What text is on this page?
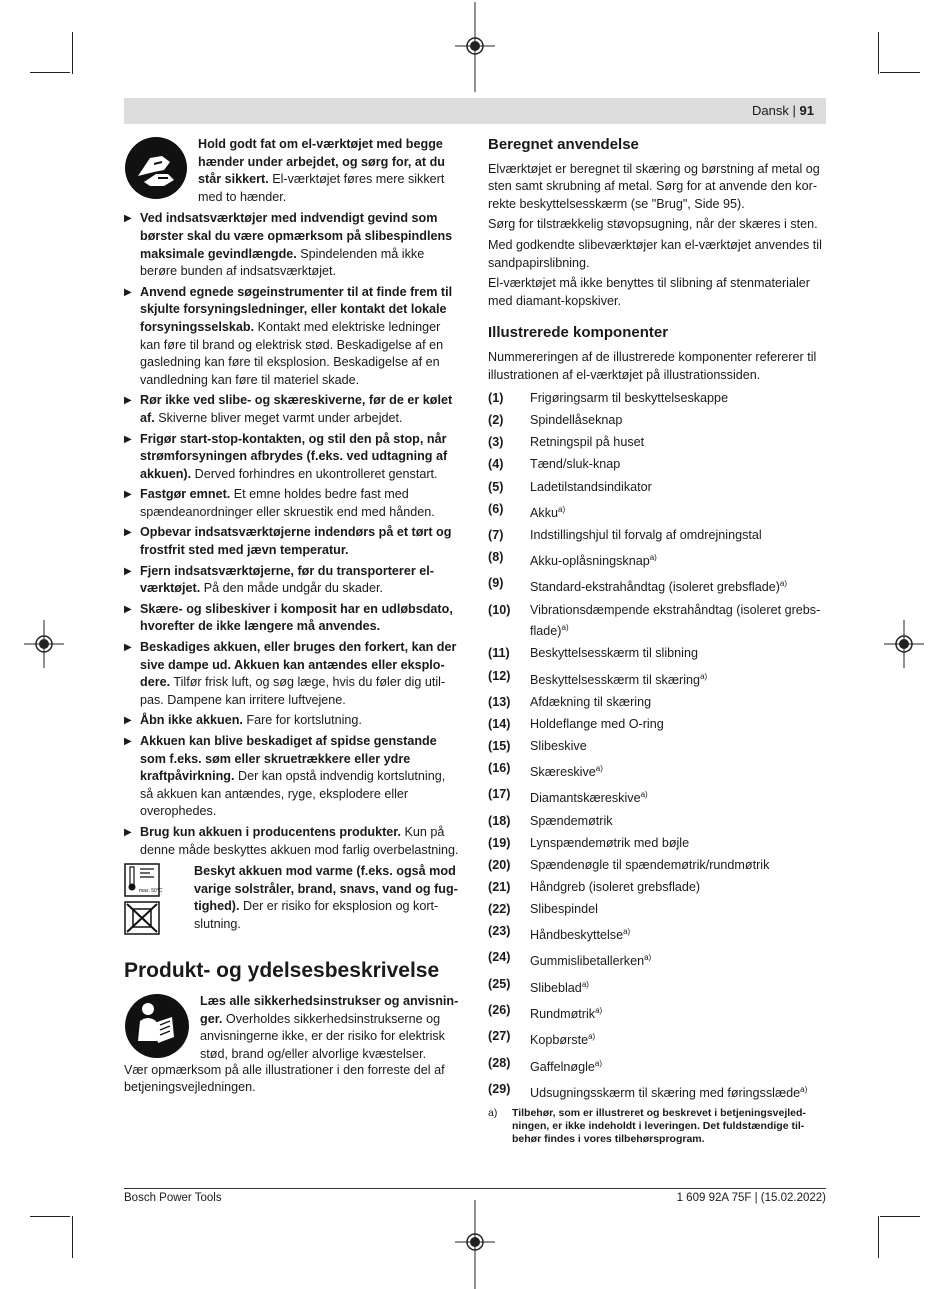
Dansk | 91
Hold godt fat om el-værktøjet med begge hænder under arbejdet, og sørg for, at du står sikkert. El-værktøjet føres mere sikkert med to hænder.
▶ Ved indsatsværktøjer med indvendigt gevind som børster skal du være opmærksom på slibespindlens maksimale gevindlængde. Spindelenden må ikke berøre bunden af indsatsværktøjet.
▶ Anvend egnede søgeinstrumenter til at finde frem til skjulte forsyningsledninger, eller kontakt det lokale forsyningsselskab. Kontakt med elektriske ledninger kan føre til brand og elektrisk stød. Beskadigelse af en gasledning kan føre til eksplosion. Beskadigelse af en vandledning kan føre til materiel skade.
▶ Rør ikke ved slibe- og skæreskiverne, før de er kølet af. Skiverne bliver meget varmt under arbejdet.
▶ Frigør start-stop-kontakten, og stil den på stop, når strømforsyningen afbrydes (f.eks. ved udtagning af akkuen). Derved forhindres en ukontrolleret genstart.
▶ Fastgør emnet. Et emne holdes bedre fast med spændeanordninger eller skruestik end med hånden.
▶ Opbevar indsatsværktøjerne indendørs på et tørt og frostfrit sted med jævn temperatur.
▶ Fjern indsatsværktøjerne, før du transporterer el-værktøjet. På den måde undgår du skader.
▶ Skære- og slibeskiver i komposit har en udløbsdato, hvorefter de ikke længere må anvendes.
▶ Beskadiges akkuen, eller bruges den forkert, kan der sive dampe ud. Akkuen kan antændes eller eksplodere. Tilfør frisk luft, og søg læge, hvis du føler dig utilpas. Dampene kan irritere luftvejene.
▶ Åbn ikke akkuen. Fare for kortslutning.
▶ Akkuen kan blive beskadiget af spidse genstande som f.eks. søm eller skruetrækkere eller ydre kraftpåvirkning. Der kan opstå indvendig kortslutning, så akkuen kan antændes, ryge, eksplodere eller overophedes.
▶ Brug kun akkuen i producentens produkter. Kun på denne måde beskyttes akkuen mod farlig overbelastning.
max. 50°C
Beskyt akkuen mod varme (f.eks. også mod varige solstråler, brand, snavs, vand og fugtighed). Der er risiko for eksplosion og kortslutning.
Produkt- og ydelsesbeskrivelse
Læs alle sikkerhedsinstrukser og anvisninger. Overholdes sikkerhedsinstrukserne og anvisningerne ikke, er der risiko for elektrisk stød, brand og/eller alvorlige kvæstelser.
Vær opmærksom på alle illustrationer i den forreste del af betjeningsvejledningen.
Beregnet anvendelse
Elværktøjet er beregnet til skæring og børstning af metal og sten samt skrubning af metal. Sørg for at anvende den korrekte beskyttelsesskærm (se "Brug", Side 95).
Sørg for tilstrækkelig støvopsugning, når der skæres i sten.
Med godkendte slibeværktøjer kan el-værktøjet anvendes til sandpapirslibning.
El-værktøjet må ikke benyttes til slibning af stenmaterialer med diamant-kopskiver.
Illustrerede komponenter
Nummereringen af de illustrerede komponenter refererer til illustrationen af el-værktøjet på illustrationssiden.
(1)	Frigøringsarm til beskyttelseskappe
(2)	Spindellåseknap
(3)	Retningspil på huset
(4)	Tænd/sluk-knap
(5)	Ladetilstandsindikator
(6)	Akku$^{a)}$
(7)	Indstillingshjul til forvalg af omdrejningstal
(8)	Akku-oplåsningsknap$^{a)}$
(9)	Standard-ekstrahåndtag (isoleret grebsflade)$^{a)}$
(10)	Vibrationsdæmpende ekstrahåndtag (isoleret grebsflade)$^{a)}$
(11)	Beskyttelsesskærm til slibning
(12)	Beskyttelsesskærm til skæring$^{a)}$
(13)	Afdækning til skæring
(14)	Holdeflange med O-ring
(15)	Slibeskive
(16)	Skæreskive$^{a)}$
(17)	Diamantskæreskive$^{a)}$
(18)	Spændemøtrik
(19)	Lynspændemøtrik med bøjle
(20)	Spændenøgle til spændemøtrik/rundmøtrik
(21)	Håndgreb (isoleret grebsflade)
(22)	Slibespindel
(23)	Håndbeskyttelse$^{a)}$
(24)	Gummislibetallerken$^{a)}$
(25)	Slibeblad$^{a)}$
(26)	Rundmøtrik$^{a)}$
(27)	Kopbørste$^{a)}$
(28)	Gaffelnøgle$^{a)}$
(29)	Udsugningsskærm til skæring med føringsslæde$^{a)}$
a)	Tilbehør, som er illustreret og beskrevet i betjeningsvejledningen, er ikke indeholdt i leveringen. Det fuldstændige tilbehør findes i vores tilbehørsprogram.
Bosch Power Tools	1 609 92A 75F | (15.02.2022)
